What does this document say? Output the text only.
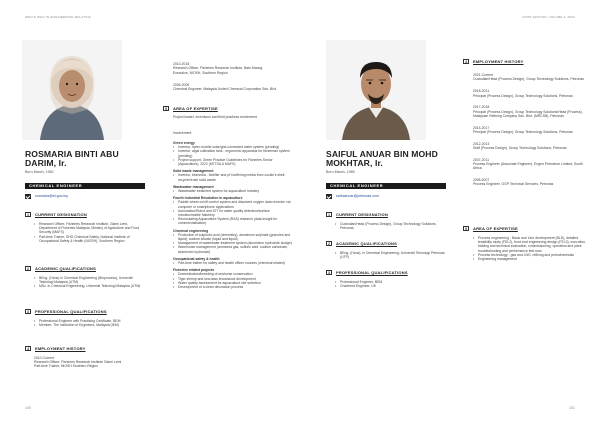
WHO'S WHO IN ENGINEERING MALAYSIA
ROSMARIA BINTI ABU DARIM, Ir.
Born March, 1982
CHEMICAL ENGINEER
rosmaria@fri.gov.my
1	CURRENT DESIGNATION
• Research Officer, Fisheries Research Institute, Glami Lemi, Department of Fisheries Malaysia, Ministry of Agriculture and Food Security (MAFS)
• Part-time Trainer, SHO Chemical Safety, National Institute of Occupational Safety & Health (NIOSH), Southern Region
2	ACADEMIC QUALIFICATIONS
• BEng. (Hons) in Chemical Engineering (Bioprocess), Universiti Teknologi Malaysia (UTM)
• MSc. in Chemical Engineering, Universiti Teknologi Malaysia (UTM)
3	PROFESSIONAL QUALIFICATIONS
• Professional Engineer with Practising Certificate, BEM
• Member, The Institution of Engineers, Malaysia (IEM)
4	EMPLOYMENT HISTORY
2010-Current
Research Officer, Fisheries Research Institute Glami Lemi
Part-time Trainer, NIOSH Southern Region

2010-2015
Research Officer, Fisheries Research Institute, Batu Maung
Executive, NIOSH, Southern Region

2006-2009
Chemical Engineer, Malaysia United Chemical Corporation Sdn. Bhd.

5	AREA OF EXPERTISE
Project leader, inventions and field practices enrichment
Involvement
Green energy
• Inventor, hydro mobile solar/grid-connected water system (pending)
• Inventor, algal cultivation tank - ergonomic apparatus for fisherman system (pending)
• Project support, Green Practice Guidelines for Fisheries Sector (Aquaculture), 2022 (KETSA & MAFS)
Solid waste management
• Inventor, biomedia - biofilter and pH buffering media from cockle's shell: recycle/reuse solid waste
Wastewater management
• Wastewater treatment system for aquaculture industry
Fourth Industrial Revolution in aquaculture
• Paddle wheel on/off control system and dissolved oxygen data recorder via computer or smartphone applications
• Automation/Robot and IOT for water quality detection/surface robotics/mobile hatchery
• Recirculating Aquaculture System (RAS) research (data insight for commercialisation)
Chemical engineering
• Production of sulphuric acid (chemistry), aluminium sulphate (granules and liquid), sodium silicate (liquid and liquid)
• Management of wastewater treatment system (aluminium hydroxide sludge)
• Warehouse management (ammonia gas, sulfuric acid, sodium carbonate, aluminium hydroxide)
Occupational safety & health
• Part-time trainer for safety and health officer courses (chemical related)
Fisheries related projects
• Domestication/breeding of seahorse conservation
• Tiger shrimp and sea bass broodstock development
• Water quality assessment for aquaculture site selection
• Development of a clean decoration process
100
FIRST EDITION, VOLUME 4, 2023
SAIFUL ANUAR BIN MOHD MOKHTAR, Ir.
Born March, 1985
CHEMICAL ENGINEER
saifulanuar@petronas.com
1	CURRENT DESIGNATION
• Custodian/Head (Process Design), Group Technology Solutions, Petronas
2	ACADEMIC QUALIFICATIONS
• BEng. (Hons), in Chemical Engineering, Universiti Teknologi Petronas (UTP)
3	PROFESSIONAL QUALIFICATIONS
• Professional Engineer, BEM
• Chartered Engineer, UK
4	EMPLOYMENT HISTORY

2021-Current
Custodian/Head (Process Design), Group Technology Solutions, Petronas

2018-2021
Principal (Process Design), Group Technology Solutions, Petronas

2017-2018
Principal (Process Design), Group Technology Solutions/Head (Process), Malaysian Refining Company Sdn. Bhd. (MRCSB), Petronas

2014-2017
Principal (Process Design), Group Technology Solutions, Petronas

2012-2013
Staff (Process Design), Group Technology Solutions, Petronas

2007-2011
Process Engineer (Associate Engineer), Engen Petroleum Limited, South Africa

2005-2007
Process Engineer, OGP Technical Services, Petronas

5	AREA OF EXPERTISE
• Process engineering - Basic and Line development (BLD), detailed feasibility study (FEL2), front-end engineering design (FEL3), execution, bidding and technical evaluation, commissioning, operation and plant troubleshooting and performance test runs
• Process technology - gas and LNG, refining and petrochemicals
• Engineering management
101
